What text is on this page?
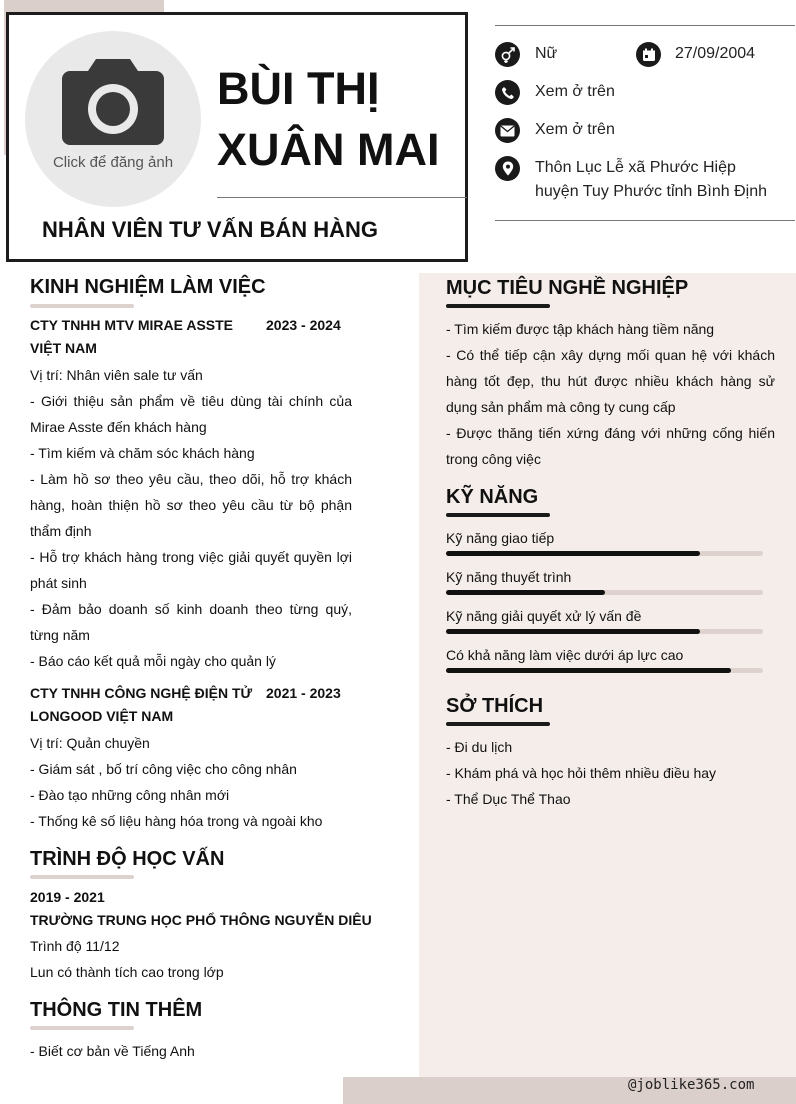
Click để đăng ảnh
BÙI THỊ
XUÂN MAI
NHÂN VIÊN TƯ VẤN BÁN HÀNG
Nữ	27/09/2004
Xem ở trên
Xem ở trên
Thôn Lục Lễ xã Phước Hiệp
huyện Tuy Phước tỉnh Bình Định
KINH NGHIỆM LÀM VIỆC
CTY TNHH MTV MIRAE ASSTE
VIỆT NAM
2023 - 2024
Vị trí: Nhân viên sale tư vấn
- Giới thiệu sản phẩm về tiêu dùng tài chính của Mirae Asste đến khách hàng
- Tìm kiếm và chăm sóc khách hàng
- Làm hồ sơ theo yêu cầu, theo dõi, hỗ trợ khách hàng, hoàn thiện hồ sơ theo yêu cầu từ bộ phận thẩm định
- Hỗ trợ khách hàng trong việc giải quyết quyền lợi phát sinh
- Đảm bảo doanh số kinh doanh theo từng quý, từng năm
- Báo cáo kết quả mỗi ngày cho quản lý
CTY TNHH CÔNG NGHỆ ĐIỆN TỬ
LONGOOD VIỆT NAM
2021 - 2023
Vị trí: Quản chuyền
- Giám sát , bố trí công việc cho công nhân
- Đào tạo những công nhân mới
- Thống kê số liệu hàng hóa trong và ngoài kho
TRÌNH ĐỘ HỌC VẤN
2019 - 2021
TRƯỜNG TRUNG HỌC PHỔ THÔNG NGUYỄN DIÊU
Trình độ 11/12
Lun có thành tích cao trong lớp
THÔNG TIN THÊM
- Biết cơ bản về Tiếng Anh
MỤC TIÊU NGHỀ NGHIỆP
- Tìm kiếm được tập khách hàng tiềm năng
- Có thể tiếp cận xây dựng mối quan hệ với khách hàng tốt đẹp, thu hút được nhiều khách hàng sử dụng sản phẩm mà công ty cung cấp
- Được thăng tiến xứng đáng với những cống hiến trong công việc
KỸ NĂNG
Kỹ năng giao tiếp
Kỹ năng thuyết trình
Kỹ năng giải quyết xử lý vấn đề
Có khả năng làm việc dưới áp lực cao
SỞ THÍCH
- Đi du lịch
- Khám phá và học hỏi thêm nhiều điều hay
- Thể Dục Thể Thao
@joblike365.com
